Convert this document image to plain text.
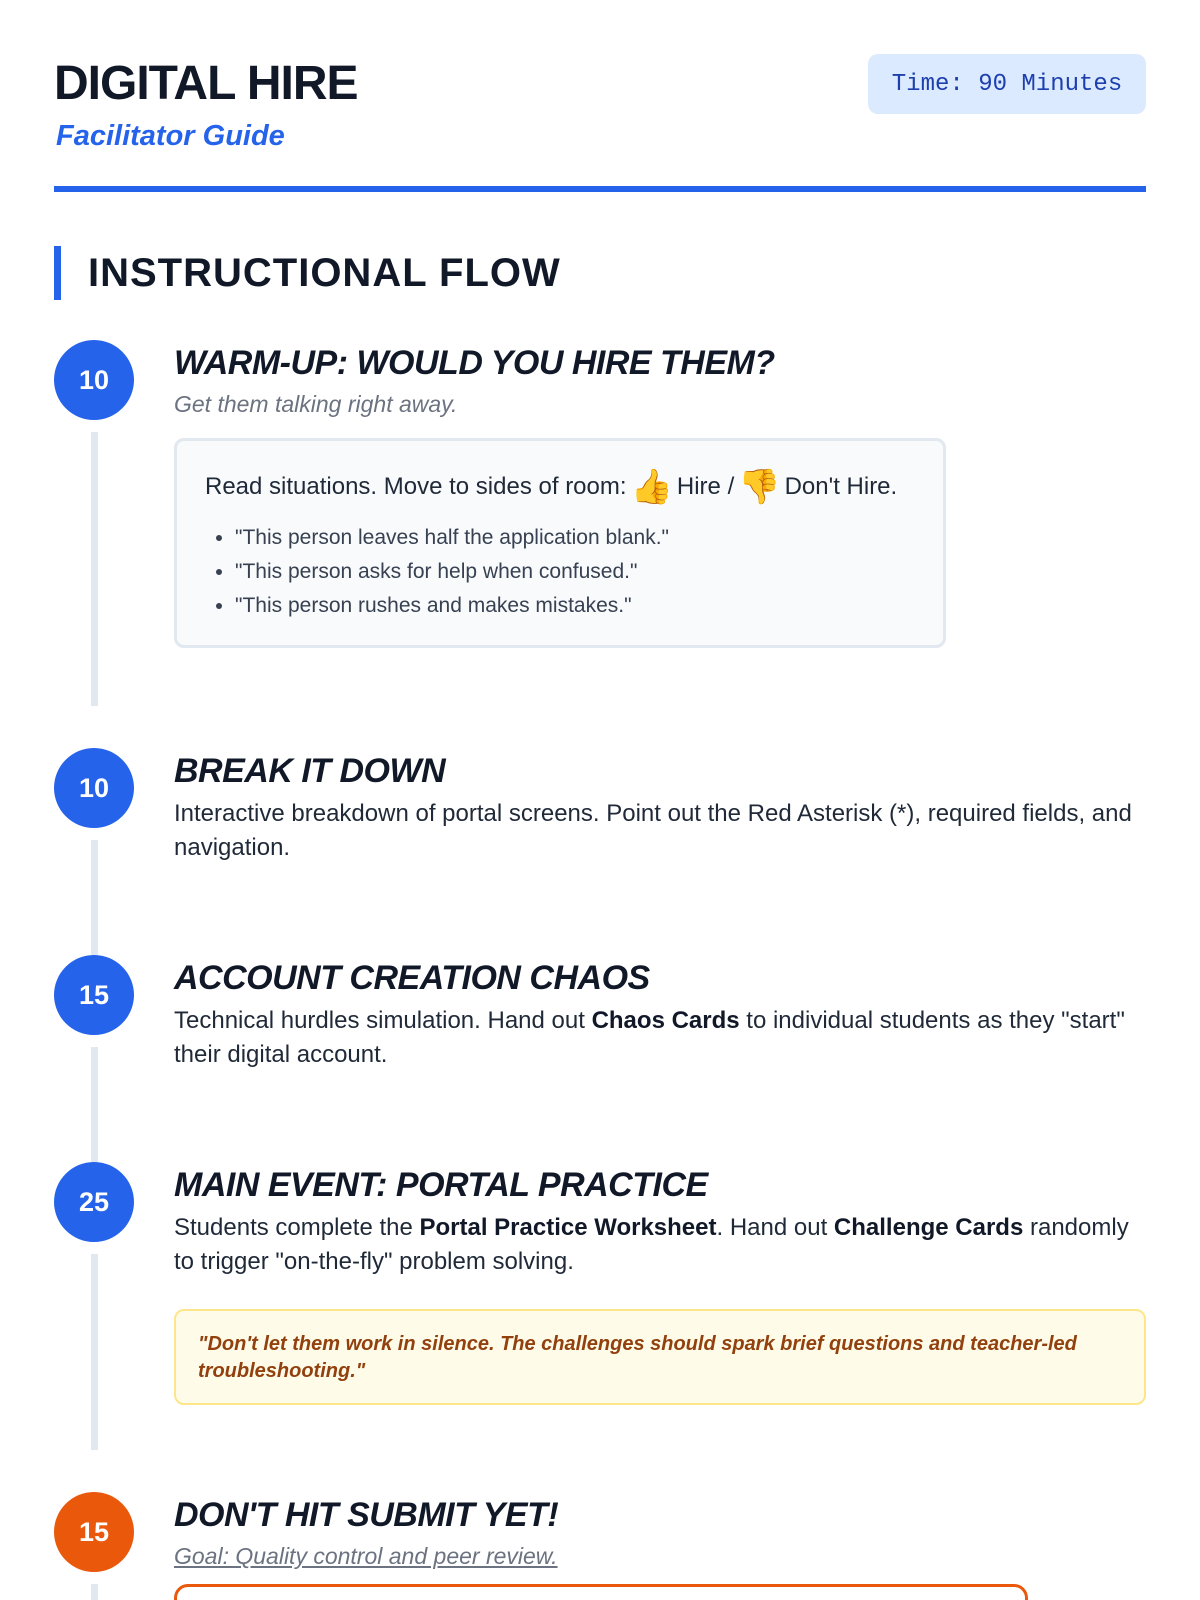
DIGITAL HIRE
Facilitator Guide
Time: 90 Minutes
INSTRUCTIONAL FLOW
10	WARM-UP: WOULD YOU HIRE THEM?
Get them talking right away.
Read situations. Move to sides of room: 👍 Hire / 👎 Don't Hire.
• "This person leaves half the application blank."
• "This person asks for help when confused."
• "This person rushes and makes mistakes."
10	BREAK IT DOWN
Interactive breakdown of portal screens. Point out the Red Asterisk (*), required fields, and navigation.
15	ACCOUNT CREATION CHAOS
Technical hurdles simulation. Hand out Chaos Cards to individual students as they "start" their digital account.
25	MAIN EVENT: PORTAL PRACTICE
Students complete the Portal Practice Worksheet. Hand out Challenge Cards randomly to trigger "on-the-fly" problem solving.
"Don't let them work in silence. The challenges should spark brief questions and teacher-led troubleshooting."
15	DON'T HIT SUBMIT YET!
Goal: Quality control and peer review.
